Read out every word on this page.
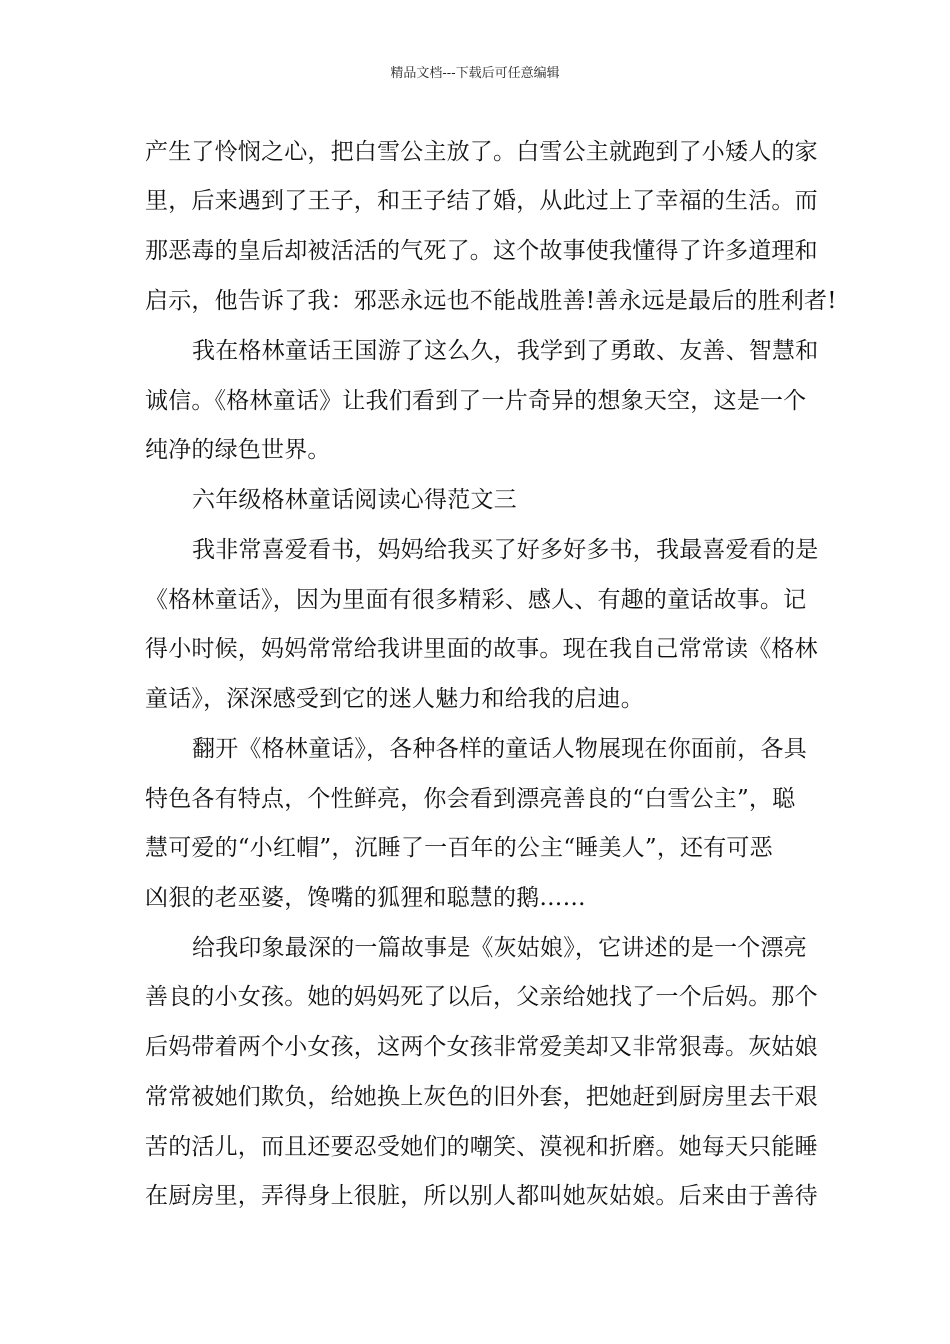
精品文档---下载后可任意编辑
产生了怜悯之心，把白雪公主放了。白雪公主就跑到了小矮人的家
里，后来遇到了王子，和王子结了婚，从此过上了幸福的生活。而
那恶毒的皇后却被活活的气死了。这个故事使我懂得了许多道理和
启示，他告诉了我：邪恶永远也不能战胜善!善永远是最后的胜利者!
我在格林童话王国游了这么久，我学到了勇敢、友善、智慧和
诚信。《格林童话》让我们看到了一片奇异的想象天空，这是一个
纯净的绿色世界。
六年级格林童话阅读心得范文三
我非常喜爱看书，妈妈给我买了好多好多书，我最喜爱看的是
《格林童话》，因为里面有很多精彩、感人、有趣的童话故事。记
得小时候，妈妈常常给我讲里面的故事。现在我自己常常读《格林
童话》，深深感受到它的迷人魅力和给我的启迪。
翻开《格林童话》，各种各样的童话人物展现在你面前，各具
特色各有特点，个性鲜亮，你会看到漂亮善良的“白雪公主”，聪
慧可爱的“小红帽”，沉睡了一百年的公主“睡美人”，还有可恶
凶狠的老巫婆，馋嘴的狐狸和聪慧的鹅……
给我印象最深的一篇故事是《灰姑娘》，它讲述的是一个漂亮
善良的小女孩。她的妈妈死了以后，父亲给她找了一个后妈。那个
后妈带着两个小女孩，这两个女孩非常爱美却又非常狠毒。灰姑娘
常常被她们欺负，给她换上灰色的旧外套，把她赶到厨房里去干艰
苦的活儿，而且还要忍受她们的嘲笑、漠视和折磨。她每天只能睡
在厨房里，弄得身上很脏，所以别人都叫她灰姑娘。后来由于善待
